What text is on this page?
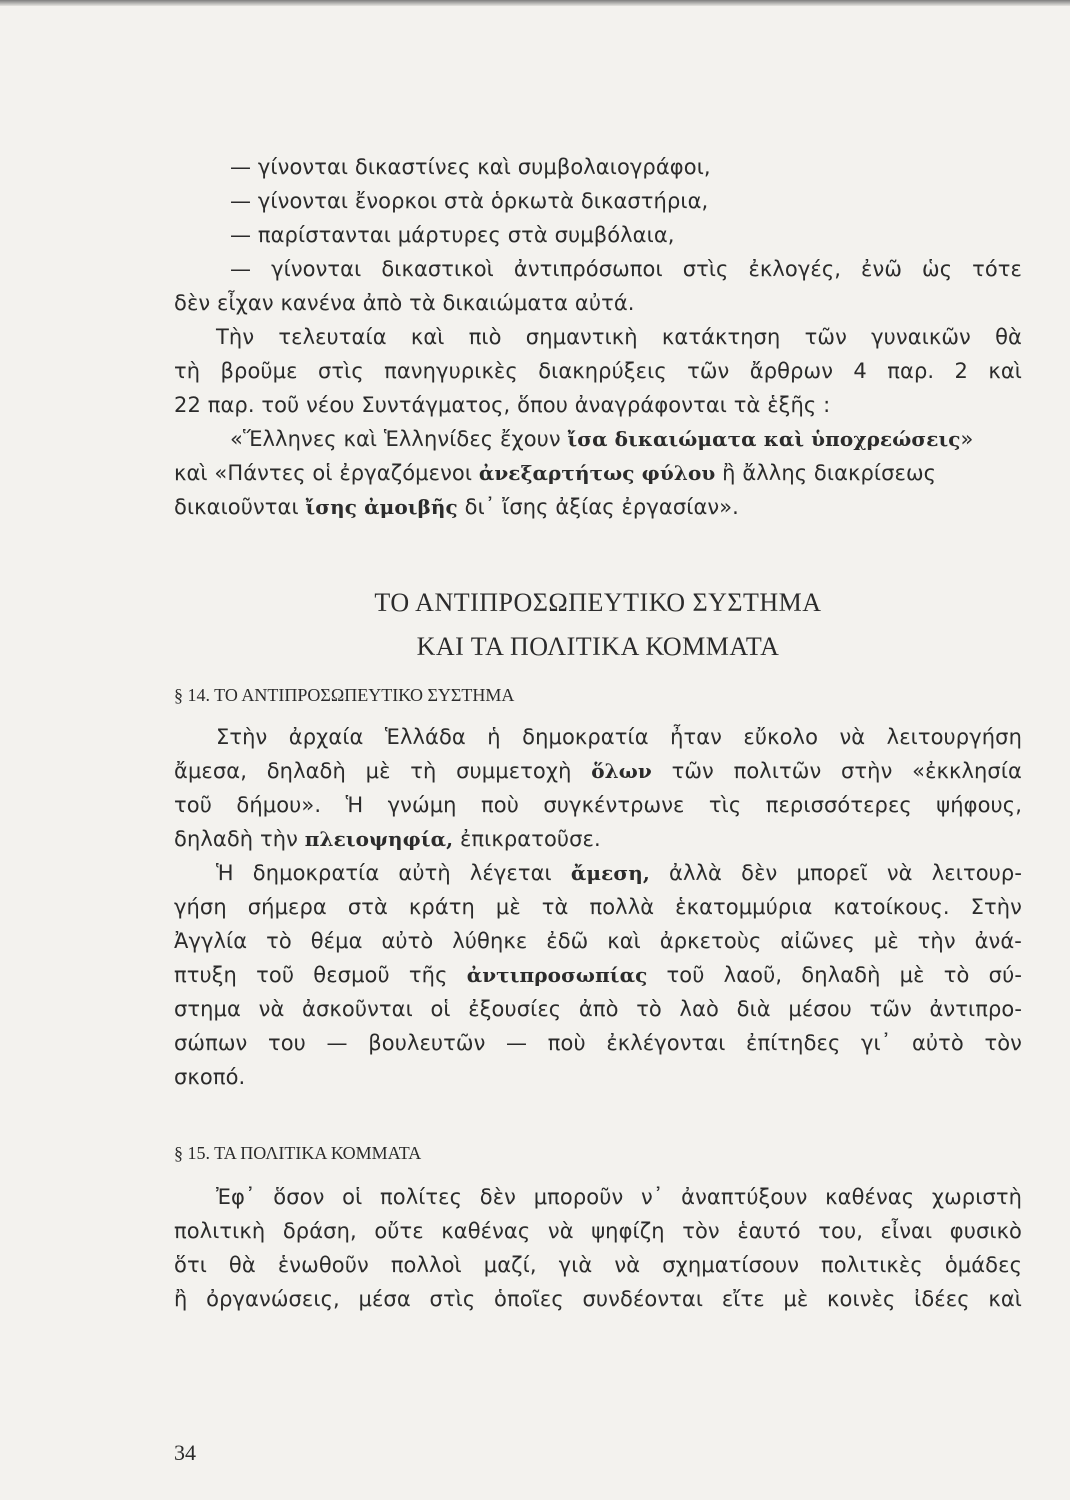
— γίνονται δικαστίνες καὶ συμβολαιογράφοι,
— γίνονται ἔνορκοι στὰ ὁρκωτὰ δικαστήρια,
— παρίστανται μάρτυρες στὰ συμβόλαια,
— γίνονται δικαστικοὶ ἀντιπρόσωποι στὶς ἐκλογές, ἐνῶ ὡς τότε
δὲν εἶχαν κανένα ἀπὸ τὰ δικαιώματα αὐτά.
Τὴν τελευταία καὶ πιὸ σημαντικὴ κατάκτηση τῶν γυναικῶν θὰ
τὴ βροῦμε στὶς πανηγυρικὲς διακηρύξεις τῶν ἄρθρων 4 παρ. 2 καὶ
22 παρ. τοῦ νέου Συντάγματος, ὅπου ἀναγράφονται τὰ ἑξῆς :
«Ἕλληνες καὶ Ἑλληνίδες ἔχουν ἴσα δικαιώματα καὶ ὑποχρεώσεις»
καὶ «Πάντες οἱ ἐργαζόμενοι ἀνεξαρτήτως φύλου ἢ ἄλλης διακρίσεως
δικαιοῦνται ἴσης ἀμοιβῆς δι᾽ ἴσης ἀξίας ἐργασίαν».
ΤΟ ΑΝΤΙΠΡΟΣΩΠΕΥΤΙΚΟ ΣΥΣΤΗΜΑ
ΚΑΙ ΤΑ ΠΟΛΙΤΙΚΑ ΚΟΜΜΑΤΑ
§ 14. ΤΟ ΑΝΤΙΠΡΟΣΩΠΕΥΤΙΚΟ ΣΥΣΤΗΜΑ
Στὴν ἀρχαία Ἑλλάδα ἡ δημοκρατία ἦταν εὔκολο νὰ λειτουργήση
ἄμεσα, δηλαδὴ μὲ τὴ συμμετοχὴ ὅλων τῶν πολιτῶν στὴν «ἐκκλησία
τοῦ δήμου». Ἡ γνώμη ποὺ συγκέντρωνε τὶς περισσότερες ψήφους,
δηλαδὴ τὴν πλειοψηφία, ἐπικρατοῦσε.
Ἡ δημοκρατία αὐτὴ λέγεται ἄμεση, ἀλλὰ δὲν μπορεῖ νὰ λειτουρ-
γήση σήμερα στὰ κράτη μὲ τὰ πολλὰ ἑκατομμύρια κατοίκους. Στὴν
Ἀγγλία τὸ θέμα αὐτὸ λύθηκε ἐδῶ καὶ ἀρκετοὺς αἰῶνες μὲ τὴν ἀνά-
πτυξη τοῦ θεσμοῦ τῆς ἀντιπροσωπίας τοῦ λαοῦ, δηλαδὴ μὲ τὸ σύ-
στημα νὰ ἀσκοῦνται οἱ ἐξουσίες ἀπὸ τὸ λαὸ διὰ μέσου τῶν ἀντιπρο-
σώπων του — βουλευτῶν — ποὺ ἐκλέγονται ἐπίτηδες γι᾽ αὐτὸ τὸν
σκοπό.
§ 15. ΤΑ ΠΟΛΙΤΙΚΑ ΚΟΜΜΑΤΑ
Ἐφ᾽ ὅσον οἱ πολίτες δὲν μποροῦν ν᾽ ἀναπτύξουν καθένας χωριστὴ
πολιτικὴ δράση, οὔτε καθένας νὰ ψηφίζη τὸν ἑαυτό του, εἶναι φυσικὸ
ὅτι θὰ ἑνωθοῦν πολλοὶ μαζί, γιὰ νὰ σχηματίσουν πολιτικὲς ὁμάδες
ἢ ὀργανώσεις, μέσα στὶς ὁποῖες συνδέονται εἴτε μὲ κοινὲς ἰδέες καὶ
34
